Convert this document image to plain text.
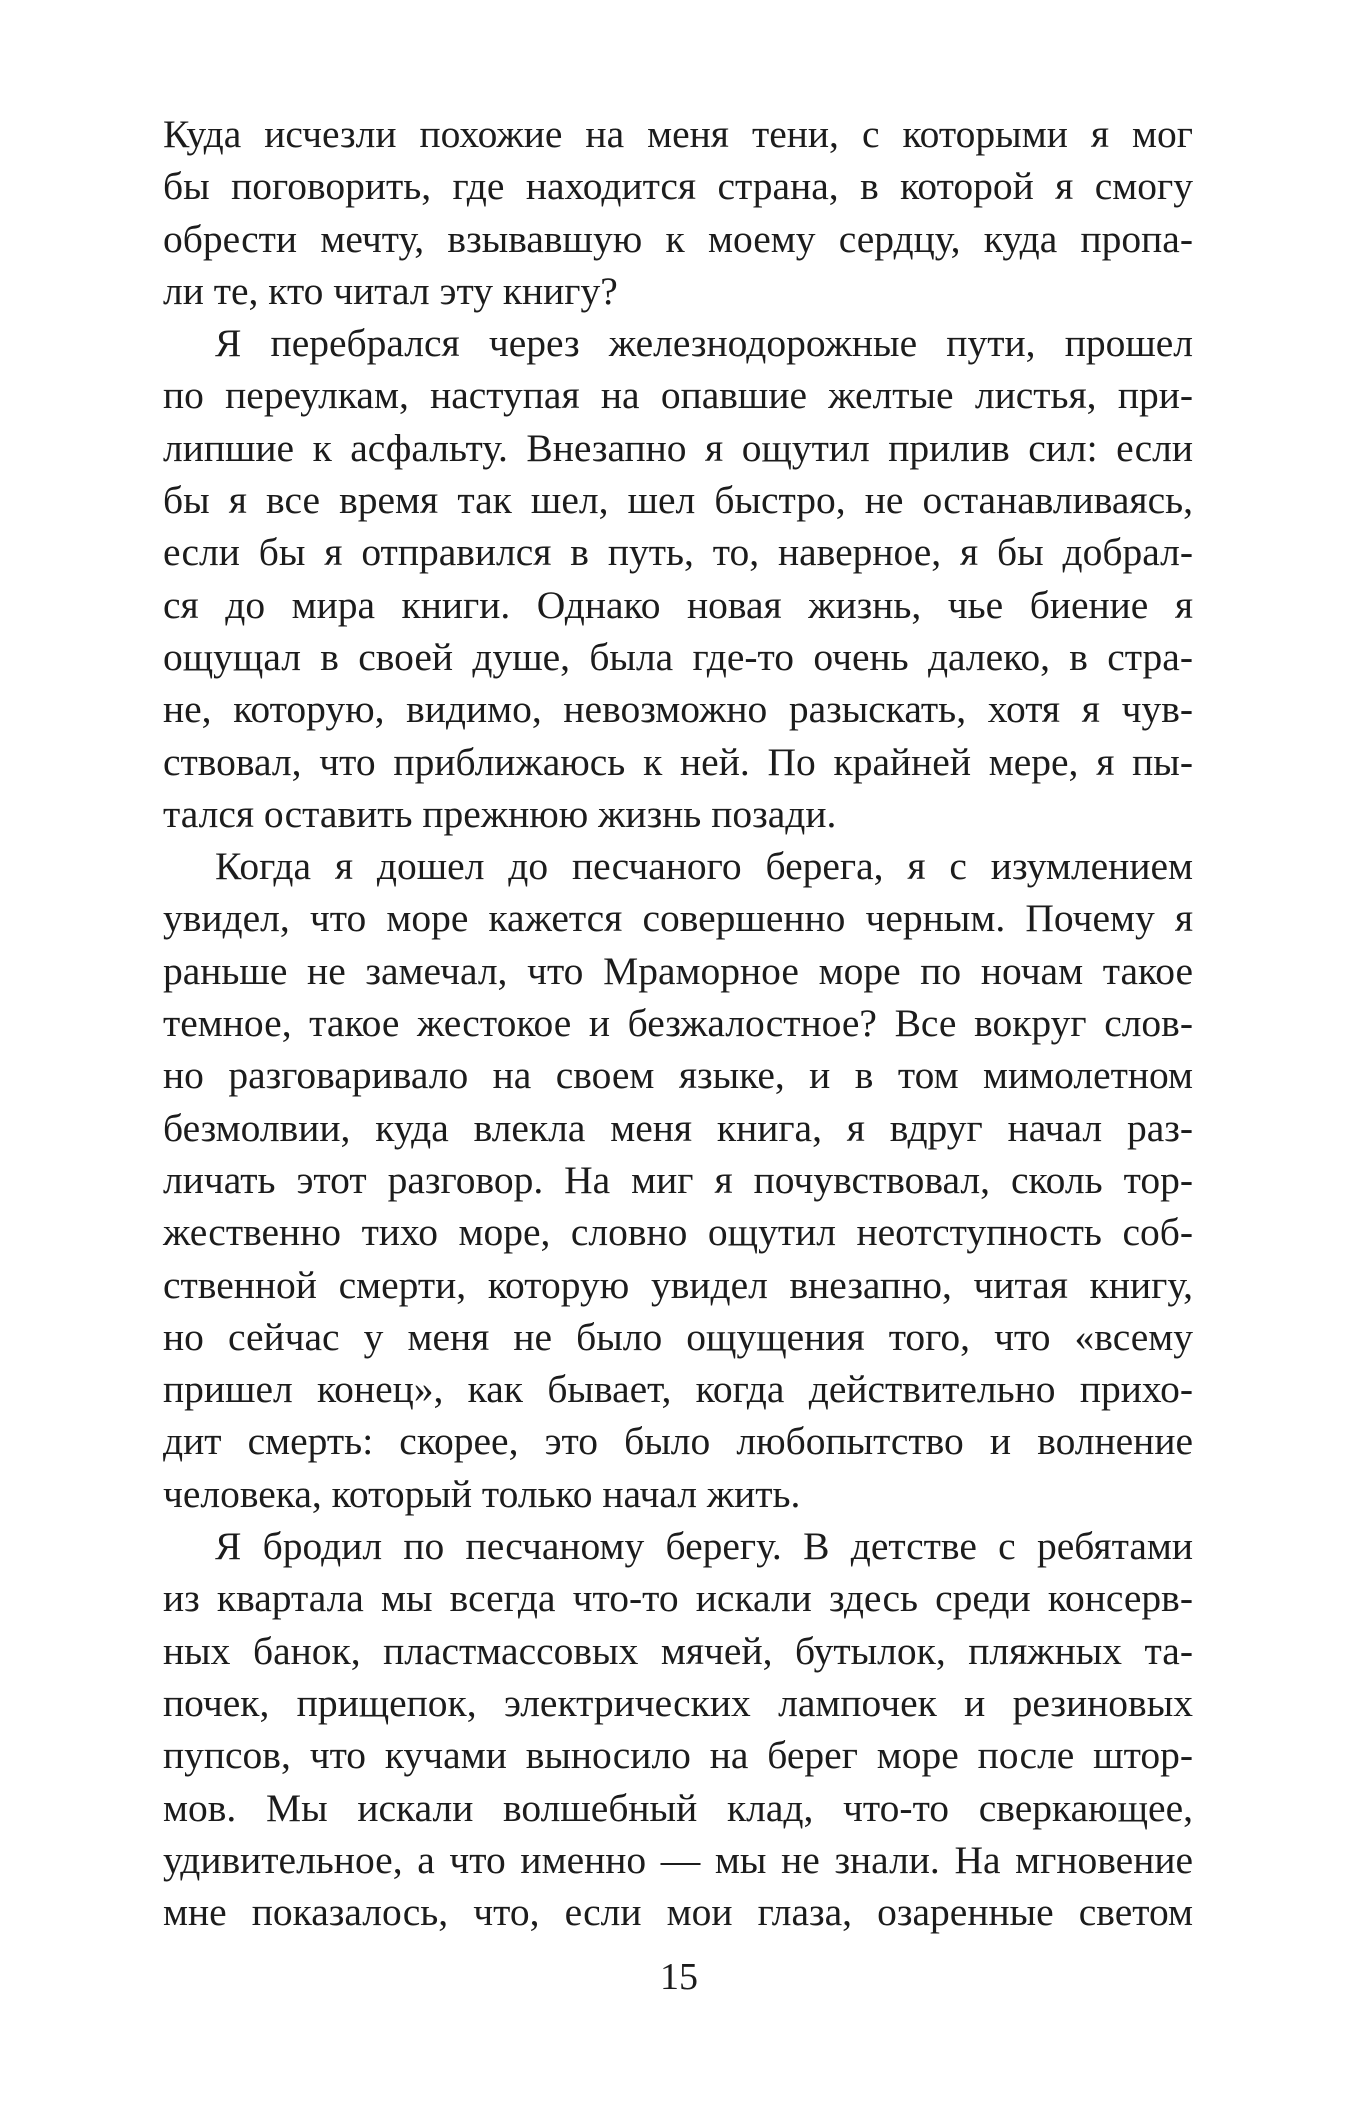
Куда исчезли похожие на меня тени, с которыми я мог
бы поговорить, где находится страна, в которой я смогу
обрести мечту, взывавшую к моему сердцу, куда пропа-
ли те, кто читал эту книгу?

Я перебрался через железнодорожные пути, прошел
по переулкам, наступая на опавшие желтые листья, при-
липшие к асфальту. Внезапно я ощутил прилив сил: если
бы я все время так шел, шел быстро, не останавливаясь,
если бы я отправился в путь, то, наверное, я бы добрал-
ся до мира книги. Однако новая жизнь, чье биение я
ощущал в своей душе, была где-то очень далеко, в стра-
не, которую, видимо, невозможно разыскать, хотя я чув-
ствовал, что приближаюсь к ней. По крайней мере, я пы-
тался оставить прежнюю жизнь позади.

Когда я дошел до песчаного берега, я с изумлением
увидел, что море кажется совершенно черным. Почему я
раньше не замечал, что Мраморное море по ночам такое
темное, такое жестокое и безжалостное? Все вокруг слов-
но разговаривало на своем языке, и в том мимолетном
безмолвии, куда влекла меня книга, я вдруг начал раз-
личать этот разговор. На миг я почувствовал, сколь тор-
жественно тихо море, словно ощутил неотступность соб-
ственной смерти, которую увидел внезапно, читая книгу,
но сейчас у меня не было ощущения того, что «всему
пришел конец», как бывает, когда действительно прихо-
дит смерть: скорее, это было любопытство и волнение
человека, который только начал жить.

Я бродил по песчаному берегу. В детстве с ребятами
из квартала мы всегда что-то искали здесь среди консерв-
ных банок, пластмассовых мячей, бутылок, пляжных та-
почек, прищепок, электрических лампочек и резиновых
пупсов, что кучами выносило на берег море после штор-
мов. Мы искали волшебный клад, что-то сверкающее,
удивительное, а что именно — мы не знали. На мгновение
мне показалось, что, если мои глаза, озаренные светом

15
